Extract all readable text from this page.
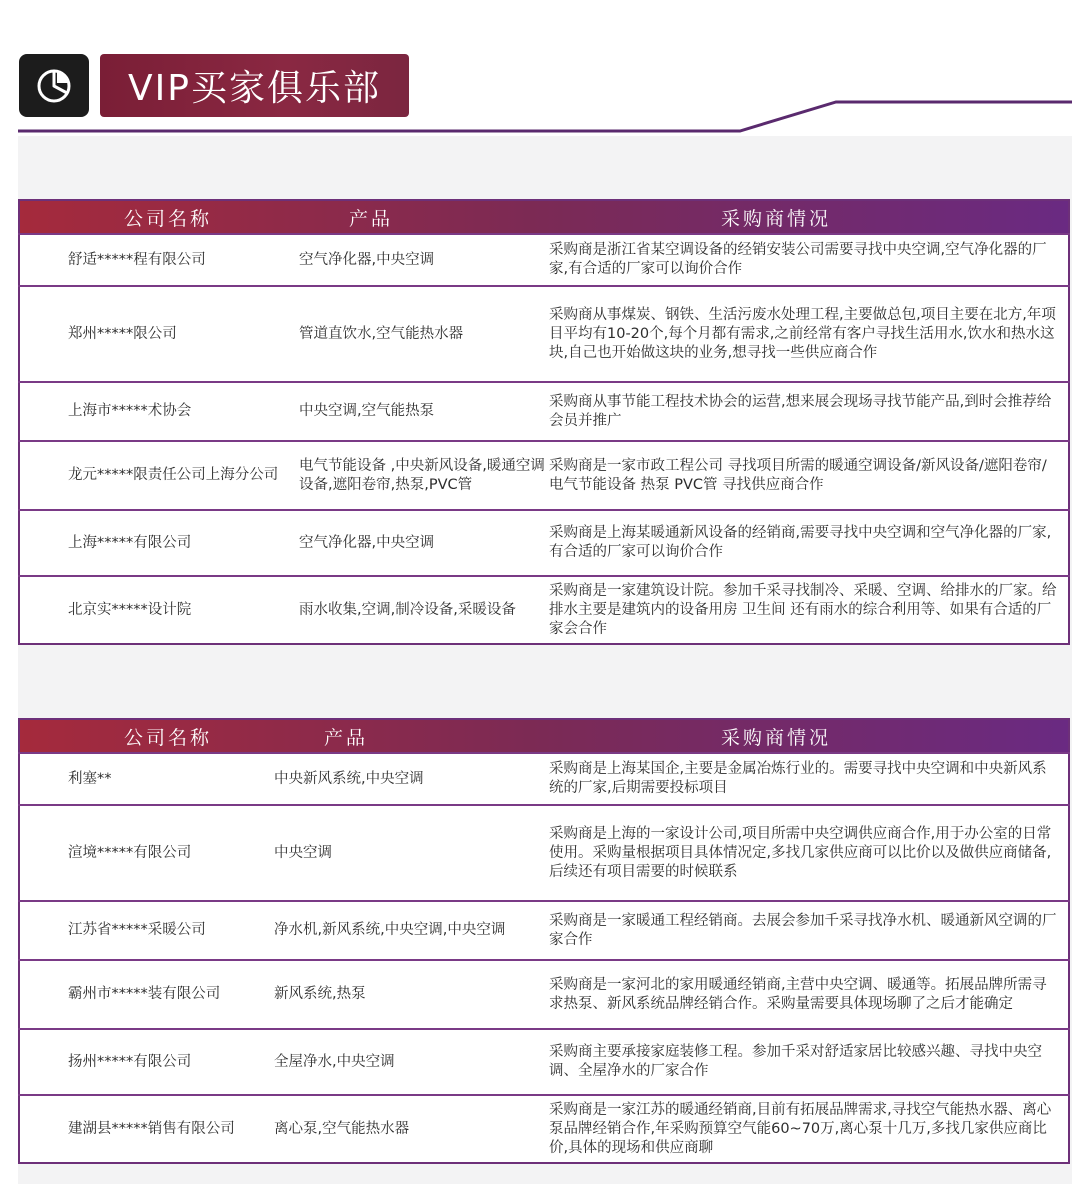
VIP买家俱乐部
公司名称	产品	采购商情况
舒适*****程有限公司	空气净化器,中央空调	采购商是浙江省某空调设备的经销安装公司需要寻找中央空调,空气净化器的厂家,有合适的厂家可以询价合作
郑州*****限公司	管道直饮水,空气能热水器	采购商从事煤炭、钢铁、生活污废水处理工程,主要做总包,项目主要在北方,年项目平均有10-20个,每个月都有需求,之前经常有客户寻找生活用水,饮水和热水这块,自己也开始做这块的业务,想寻找一些供应商合作
上海市*****术协会	中央空调,空气能热泵	采购商从事节能工程技术协会的运营,想来展会现场寻找节能产品,到时会推荐给会员并推广
龙元*****限责任公司上海分公司	电气节能设备 ,中央新风设备,暖通空调设备,遮阳卷帘,热泵,PVC管	采购商是一家市政工程公司 寻找项目所需的暖通空调设备/新风设备/遮阳卷帘/电气节能设备 热泵 PVC管 寻找供应商合作
上海*****有限公司	空气净化器,中央空调	采购商是上海某暖通新风设备的经销商,需要寻找中央空调和空气净化器的厂家,有合适的厂家可以询价合作
北京实*****设计院	雨水收集,空调,制冷设备,采暖设备	采购商是一家建筑设计院。参加千采寻找制冷、采暖、空调、给排水的厂家。给排水主要是建筑内的设备用房 卫生间 还有雨水的综合利用等、如果有合适的厂家会合作
公司名称	产品	采购商情况
利塞**	中央新风系统,中央空调	采购商是上海某国企,主要是金属冶炼行业的。需要寻找中央空调和中央新风系统的厂家,后期需要投标项目
渲境*****有限公司	中央空调	采购商是上海的一家设计公司,项目所需中央空调供应商合作,用于办公室的日常使用。采购量根据项目具体情况定,多找几家供应商可以比价以及做供应商储备,后续还有项目需要的时候联系
江苏省*****采暖公司	净水机,新风系统,中央空调,中央空调	采购商是一家暖通工程经销商。去展会参加千采寻找净水机、暖通新风空调的厂家合作
霸州市*****装有限公司	新风系统,热泵	采购商是一家河北的家用暖通经销商,主营中央空调、暖通等。拓展品牌所需寻求热泵、新风系统品牌经销合作。采购量需要具体现场聊了之后才能确定
扬州*****有限公司	全屋净水,中央空调	采购商主要承接家庭装修工程。参加千采对舒适家居比较感兴趣、寻找中央空调、全屋净水的厂家合作
建湖县*****销售有限公司	离心泵,空气能热水器	采购商是一家江苏的暖通经销商,目前有拓展品牌需求,寻找空气能热水器、离心泵品牌经销合作,年采购预算空气能60~70万,离心泵十几万,多找几家供应商比价,具体的现场和供应商聊
